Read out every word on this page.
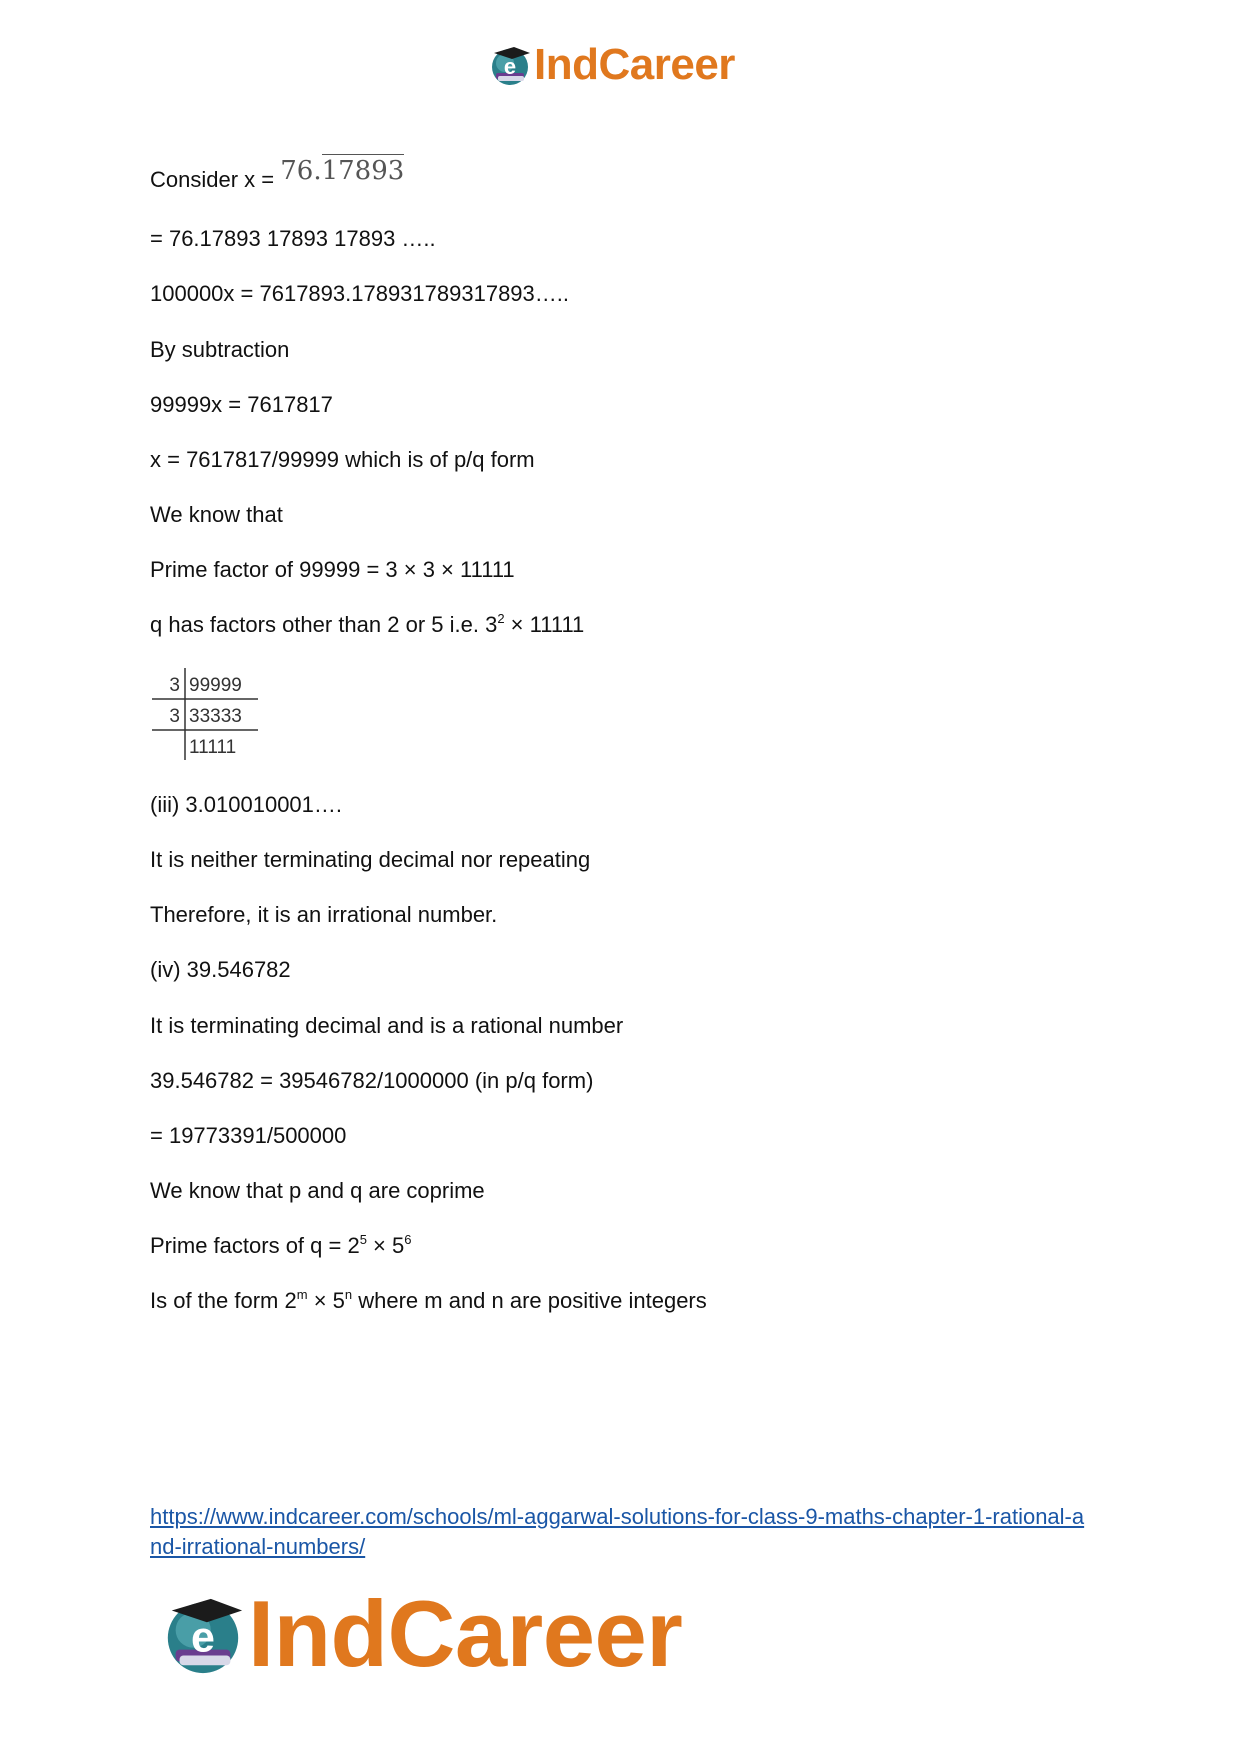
e IndCareer
Consider x = 76.17893
= 76.17893 17893 17893 …..
100000x = 7617893.178931789317893…..
By subtraction
99999x = 7617817
x = 7617817/99999 which is of p/q form
We know that
Prime factor of 99999 = 3 × 3 × 11111
q has factors other than 2 or 5 i.e. $3^2 \times 11111$
3 99999
3 33333
11111
(iii) 3.010010001….
It is neither terminating decimal nor repeating
Therefore, it is an irrational number.
(iv) 39.546782
It is terminating decimal and is a rational number
39.546782 = 39546782/1000000 (in p/q form)
= 19773391/500000
We know that p and q are coprime
Prime factors of $q = 2^5 \times 5^6$
Is of the form $2^m \times 5^n$ where m and n are positive integers
https://www.indcareer.com/schools/ml-aggarwal-solutions-for-class-9-maths-chapter-1-rational-and-irrational-numbers/
e IndCareer
